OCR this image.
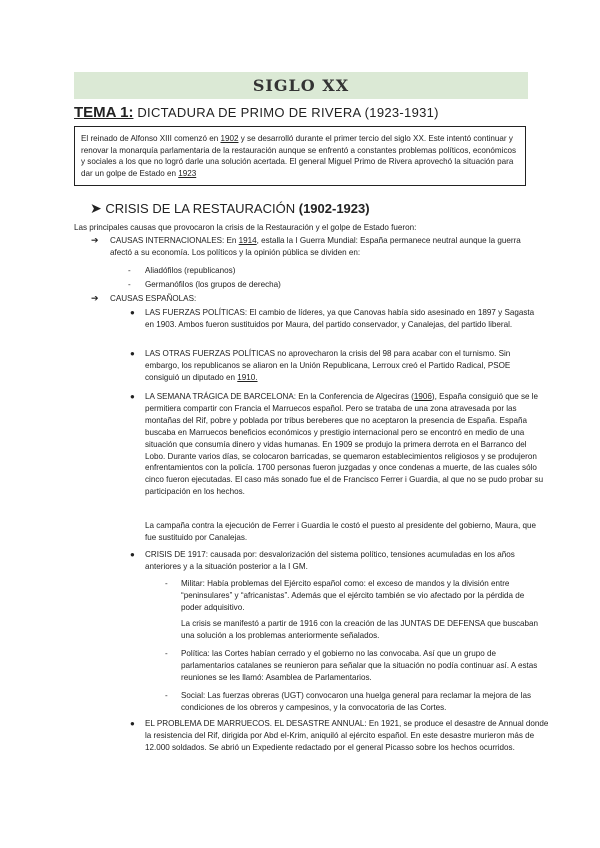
SIGLO XX
TEMA 1: DICTADURA DE PRIMO DE RIVERA (1923-1931)
El reinado de Alfonso XIII comenzó en 1902 y se desarrolló durante el primer tercio del siglo XX. Este intentó continuar y renovar la monarquía parlamentaria de la restauración aunque se enfrentó a constantes problemas políticos, económicos y sociales a los que no logró darle una solución acertada. El general Miguel Primo de Rivera aprovechó la situación para dar un golpe de Estado en 1923
➤ CRISIS DE LA RESTAURACIÓN (1902-1923)
Las principales causas que provocaron la crisis de la Restauración y el golpe de Estado fueron:
➔ CAUSAS INTERNACIONALES: En 1914, estalla la I Guerra Mundial: España permanece neutral aunque la guerra afectó a su economía. Los políticos y la opinión pública se dividen en:
- Aliadófilos (republicanos)
- Germanófilos (los grupos de derecha)
➔ CAUSAS ESPAÑOLAS:
● LAS FUERZAS POLÍTICAS: El cambio de líderes, ya que Canovas había sido asesinado en 1897 y Sagasta en 1903. Ambos fueron sustituidos por Maura, del partido conservador, y Canalejas, del partido liberal.
● LAS OTRAS FUERZAS POLÍTICAS no aprovecharon la crisis del 98 para acabar con el turnismo. Sin embargo, los republicanos se aliaron en la Unión Republicana, Lerroux creó el Partido Radical, PSOE consiguió un diputado en 1910.
● LA SEMANA TRÁGICA DE BARCELONA: En la Conferencia de Algeciras (1906), España consiguió que se le permitiera compartir con Francia el Marruecos español. Pero se trataba de una zona atravesada por las montañas del Rif, pobre y poblada por tribus bereberes que no aceptaron la presencia de España. España buscaba en Marruecos beneficios económicos y prestigio internacional pero se encontró en medio de una situación que consumía dinero y vidas humanas. En 1909 se produjo la primera derrota en el Barranco del Lobo. Durante varios días, se colocaron barricadas, se quemaron establecimientos religiosos y se produjeron enfrentamientos con la policía. 1700 personas fueron juzgadas y once condenas a muerte, de las cuales sólo cinco fueron ejecutadas. El caso más sonado fue el de Francisco Ferrer i Guardia, al que no se pudo probar su participación en los hechos.
La campaña contra la ejecución de Ferrer i Guardia le costó el puesto al presidente del gobierno, Maura, que fue sustituido por Canalejas.
● CRISIS DE 1917: causada por: desvalorización del sistema político, tensiones acumuladas en los años anteriores y a la situación posterior a la I GM.
- Militar: Había problemas del Ejército español como: el exceso de mandos y la división entre “peninsulares” y “africanistas”. Además que el ejército también se vio afectado por la pérdida de poder adquisitivo.
La crisis se manifestó a partir de 1916 con la creación de las JUNTAS DE DEFENSA que buscaban una solución a los problemas anteriormente señalados.
- Política: las Cortes habían cerrado y el gobierno no las convocaba. Así que un grupo de parlamentarios catalanes se reunieron para señalar que la situación no podía continuar así. A estas reuniones se les llamó: Asamblea de Parlamentarios.
- Social: Las fuerzas obreras (UGT) convocaron una huelga general para reclamar la mejora de las condiciones de los obreros y campesinos, y la convocatoria de las Cortes.
● EL PROBLEMA DE MARRUECOS. EL DESASTRE ANNUAL: En 1921, se produce el desastre de Annual donde la resistencia del Rif, dirigida por Abd el-Krim, aniquiló al ejército español. En este desastre murieron más de 12.000 soldados. Se abrió un Expediente redactado por el general Picasso sobre los hechos ocurridos.
